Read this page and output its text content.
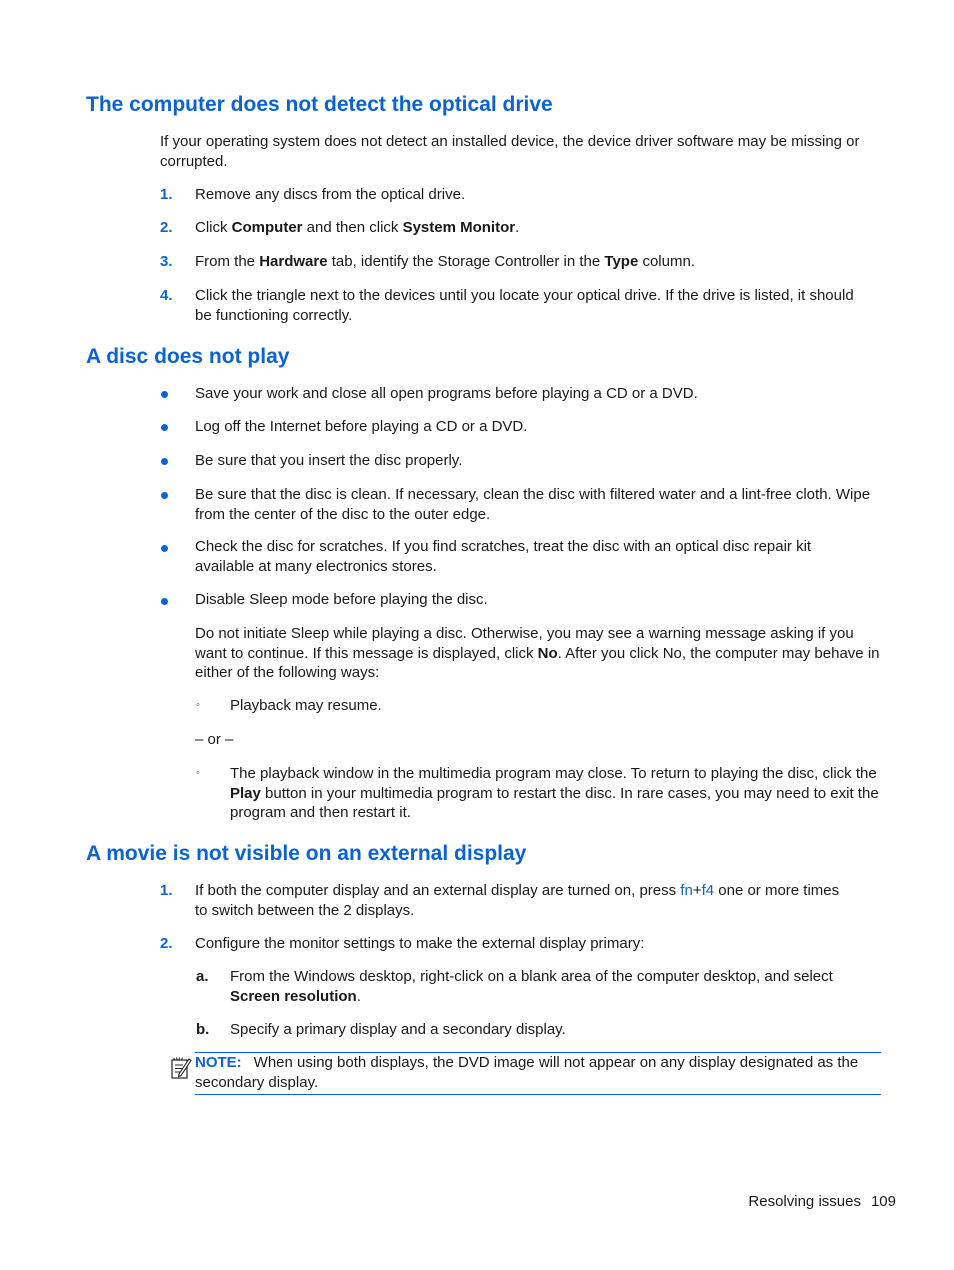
The computer does not detect the optical drive

If your operating system does not detect an installed device, the device driver software may be missing or corrupted.

1. Remove any discs from the optical drive.
2. Click Computer and then click System Monitor.
3. From the Hardware tab, identify the Storage Controller in the Type column.
4. Click the triangle next to the devices until you locate your optical drive. If the drive is listed, it should be functioning correctly.
A disc does not play
Save your work and close all open programs before playing a CD or a DVD.
Log off the Internet before playing a CD or a DVD.
Be sure that you insert the disc properly.
Be sure that the disc is clean. If necessary, clean the disc with filtered water and a lint-free cloth. Wipe from the center of the disc to the outer edge.
Check the disc for scratches. If you find scratches, treat the disc with an optical disc repair kit available at many electronics stores.
Disable Sleep mode before playing the disc.
Do not initiate Sleep while playing a disc. Otherwise, you may see a warning message asking if you want to continue. If this message is displayed, click No. After you click No, the computer may behave in either of the following ways:
◦ Playback may resume.
– or –
◦ The playback window in the multimedia program may close. To return to playing the disc, click the Play button in your multimedia program to restart the disc. In rare cases, you may need to exit the program and then restart it.
A movie is not visible on an external display
1. If both the computer display and an external display are turned on, press fn+f4 one or more times to switch between the 2 displays.
2. Configure the monitor settings to make the external display primary:
a. From the Windows desktop, right-click on a blank area of the computer desktop, and select Screen resolution.
b. Specify a primary display and a secondary display.
NOTE: When using both displays, the DVD image will not appear on any display designated as the secondary display.
Resolving issues 109
